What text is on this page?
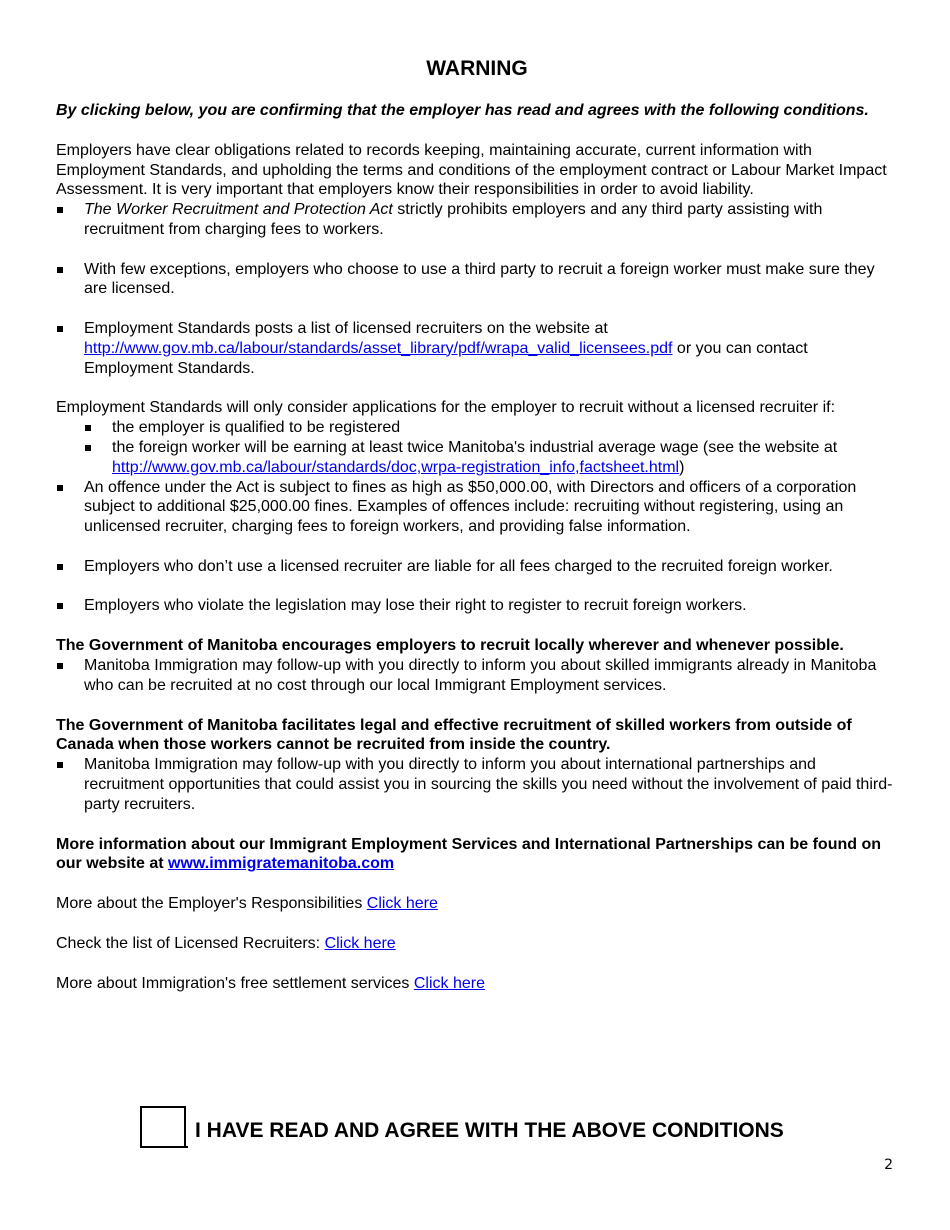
WARNING

By clicking below, you are confirming that the employer has read and agrees with the following conditions.

Employers have clear obligations related to records keeping, maintaining accurate, current information with Employment Standards, and upholding the terms and conditions of the employment contract or Labour Market Impact Assessment. It is very important that employers know their responsibilities in order to avoid liability.

The Worker Recruitment and Protection Act strictly prohibits employers and any third party assisting with recruitment from charging fees to workers.
With few exceptions, employers who choose to use a third party to recruit a foreign worker must make sure they are licensed.
Employment Standards posts a list of licensed recruiters on the website at
http://www.gov.mb.ca/labour/standards/asset_library/pdf/wrapa_valid_licensees.pdf or you can contact Employment Standards.

Employment Standards will only consider applications for the employer to recruit without a licensed recruiter if:

the employer is qualified to be registered
the foreign worker will be earning at least twice Manitoba's industrial average wage (see the website at
http://www.gov.mb.ca/labour/standards/doc,wrpa-registration_info,factsheet.html)
An offence under the Act is subject to fines as high as $50,000.00, with Directors and officers of a corporation subject to additional $25,000.00 fines. Examples of offences include: recruiting without registering, using an unlicensed recruiter, charging fees to foreign workers, and providing false information.
Employers who don’t use a licensed recruiter are liable for all fees charged to the recruited foreign worker.
Employers who violate the legislation may lose their right to register to recruit foreign workers.

The Government of Manitoba encourages employers to recruit locally wherever and whenever possible.

Manitoba Immigration may follow-up with you directly to inform you about skilled immigrants already in Manitoba who can be recruited at no cost through our local Immigrant Employment services.

The Government of Manitoba facilitates legal and effective recruitment of skilled workers from outside of Canada when those workers cannot be recruited from inside the country.

Manitoba Immigration may follow-up with you directly to inform you about international partnerships and recruitment opportunities that could assist you in sourcing the skills you need without the involvement of paid third-party recruiters.

More information about our Immigrant Employment Services and International Partnerships can be found on our website at www.immigratemanitoba.com

More about the Employer's Responsibilities Click here

Check the list of Licensed Recruiters: Click here

More about Immigration's free settlement services Click here

I HAVE READ AND AGREE WITH THE ABOVE CONDITIONS
2
